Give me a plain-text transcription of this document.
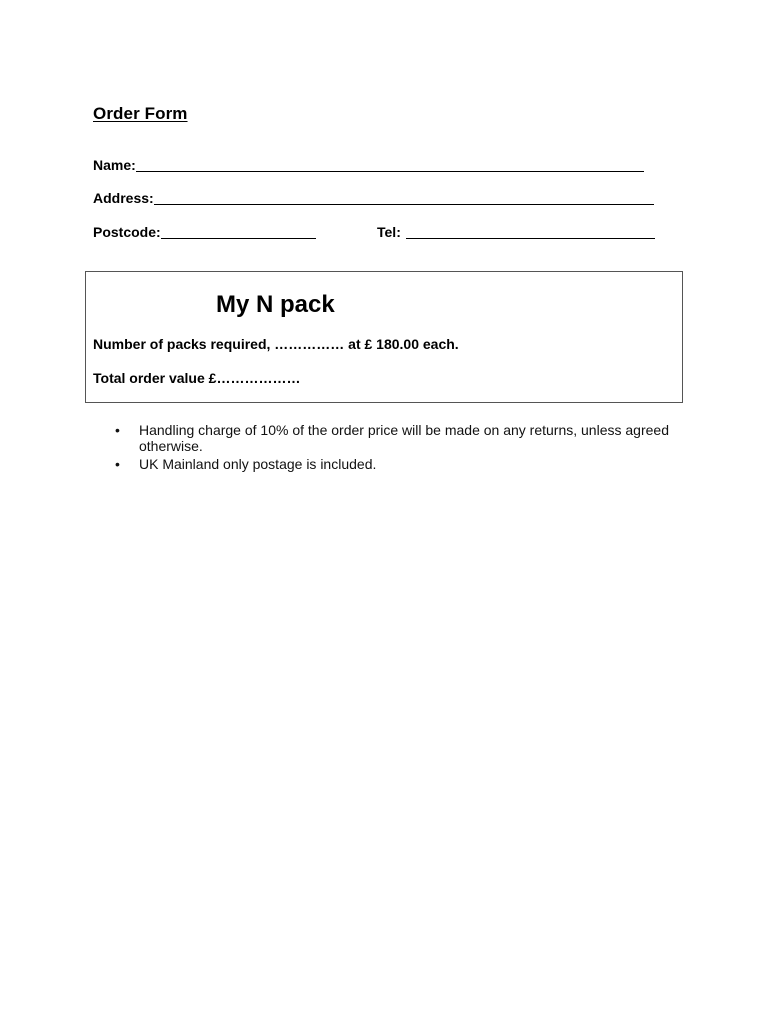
Order Form
Name:
Address:
Postcode:	Tel:
My N pack
Number of packs required, …………… at £ 180.00 each.
Total order value £………………
• Handling charge of 10% of the order price will be made on any returns, unless agreed otherwise.
• UK Mainland only postage is included.
